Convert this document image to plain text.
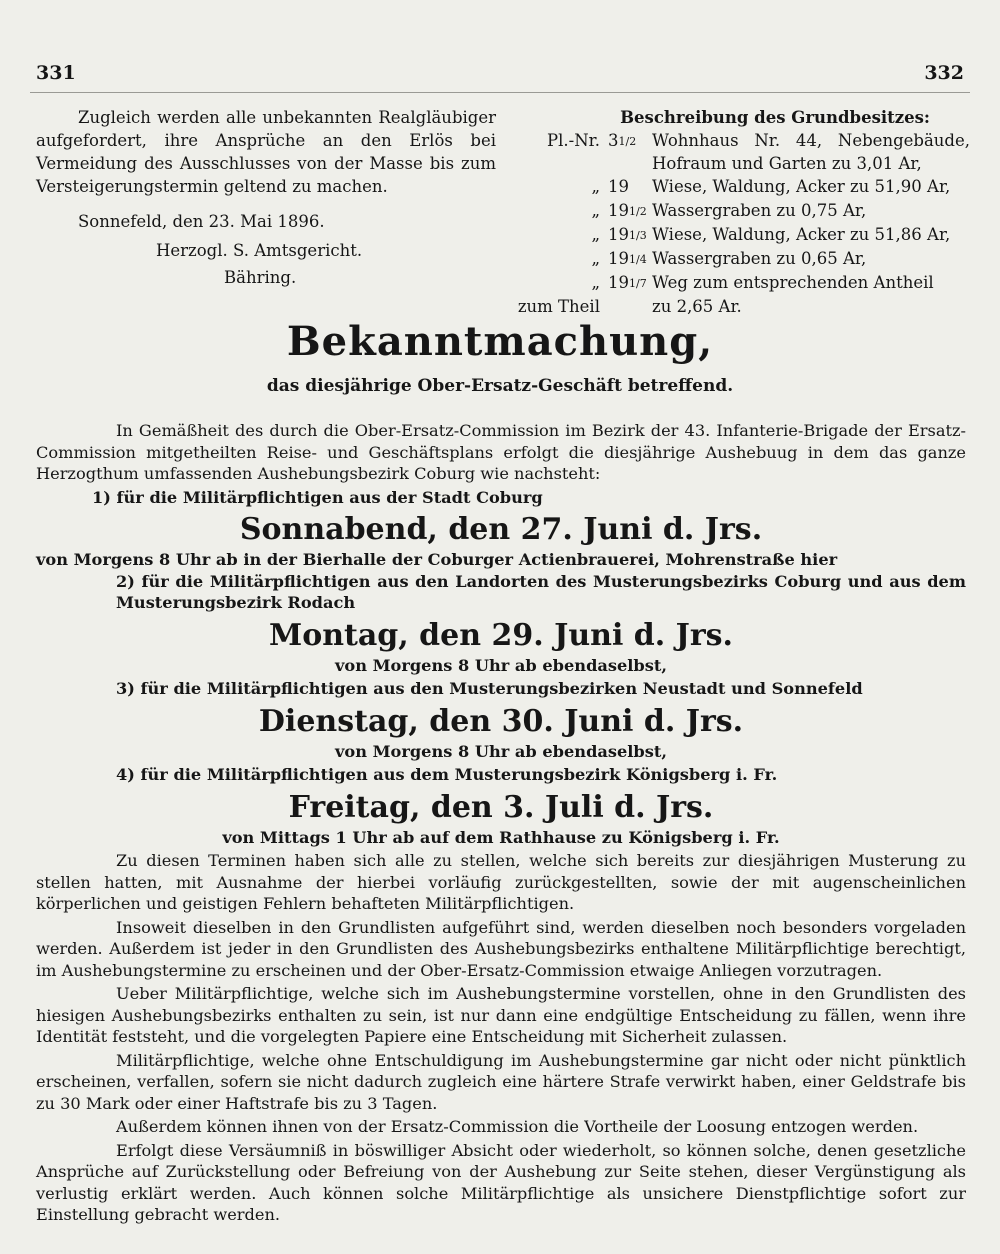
331	332

Zugleich werden alle unbekannten Realgläubiger aufgefordert, ihre Ansprüche an den Erlös bei Vermeidung des Ausschlusses von der Masse bis zum Versteigerungstermin geltend zu machen.

Sonnefeld, den 23. Mai 1896.

Herzogl. S. Amtsgericht.

Bähring.

Beschreibung des Grundbesitzes:
Pl.-Nr. 31/2 Wohnhaus Nr. 44, Nebengebäude, Hofraum und Garten zu 3,01 Ar,
„ 19	Wiese, Waldung, Acker zu 51,90 Ar,
„ 191/2 Wassergraben zu 0,75 Ar,
„ 191/3 Wiese, Waldung, Acker zu 51,86 Ar,
„ 191/4 Wassergraben zu 0,65 Ar,
„ 191/7 Weg zum entsprechenden Antheil
zum Theil	zu 2,65 Ar.
Bekanntmachung,
das diesjährige Ober-Ersatz-Geschäft betreffend.

In Gemäßheit des durch die Ober-Ersatz-Commission im Bezirk der 43. Infanterie-Brigade der Ersatz-Commission mitgetheilten Reise- und Geschäftsplans erfolgt die diesjährige Aushebuug in dem das ganze Herzogthum umfassenden Aushebungsbezirk Coburg wie nachsteht:

1) für die Militärpflichtigen aus der Stadt Coburg

Sonnabend, den 27. Juni d. Jrs.

von Morgens 8 Uhr ab in der Bierhalle der Coburger Actienbrauerei, Mohrenstraße hier

2) für die Militärpflichtigen aus den Landorten des Musterungsbezirks Coburg und aus dem Musterungsbezirk Rodach

Montag, den 29. Juni d. Jrs.

von Morgens 8 Uhr ab ebendaselbst,

3) für die Militärpflichtigen aus den Musterungsbezirken Neustadt und Sonnefeld

Dienstag, den 30. Juni d. Jrs.

von Morgens 8 Uhr ab ebendaselbst,

4) für die Militärpflichtigen aus dem Musterungsbezirk Königsberg i. Fr.

Freitag, den 3. Juli d. Jrs.

von Mittags 1 Uhr ab auf dem Rathhause zu Königsberg i. Fr.

Zu diesen Terminen haben sich alle zu stellen, welche sich bereits zur diesjährigen Musterung zu stellen hatten, mit Ausnahme der hierbei vorläufig zurückgestellten, sowie der mit augenscheinlichen körperlichen und geistigen Fehlern behafteten Militärpflichtigen.

Insoweit dieselben in den Grundlisten aufgeführt sind, werden dieselben noch besonders vorgeladen werden. Außerdem ist jeder in den Grundlisten des Aushebungsbezirks enthaltene Militärpflichtige berechtigt, im Aushebungstermine zu erscheinen und der Ober-Ersatz-Commission etwaige Anliegen vorzutragen.

Ueber Militärpflichtige, welche sich im Aushebungstermine vorstellen, ohne in den Grundlisten des hiesigen Aushebungsbezirks enthalten zu sein, ist nur dann eine endgültige Entscheidung zu fällen, wenn ihre Identität feststeht, und die vorgelegten Papiere eine Entscheidung mit Sicherheit zulassen.

Militärpflichtige, welche ohne Entschuldigung im Aushebungstermine gar nicht oder nicht pünktlich erscheinen, verfallen, sofern sie nicht dadurch zugleich eine härtere Strafe verwirkt haben, einer Geldstrafe bis zu 30 Mark oder einer Haftstrafe bis zu 3 Tagen.

Außerdem können ihnen von der Ersatz-Commission die Vortheile der Loosung entzogen werden.

Erfolgt diese Versäumniß in böswilliger Absicht oder wiederholt, so können solche, denen gesetzliche Ansprüche auf Zurückstellung oder Befreiung von der Aushebung zur Seite stehen, dieser Vergünstigung als verlustig erklärt werden. Auch können solche Militärpflichtige als unsichere Dienstpflichtige sofort zur Einstellung gebracht werden.
